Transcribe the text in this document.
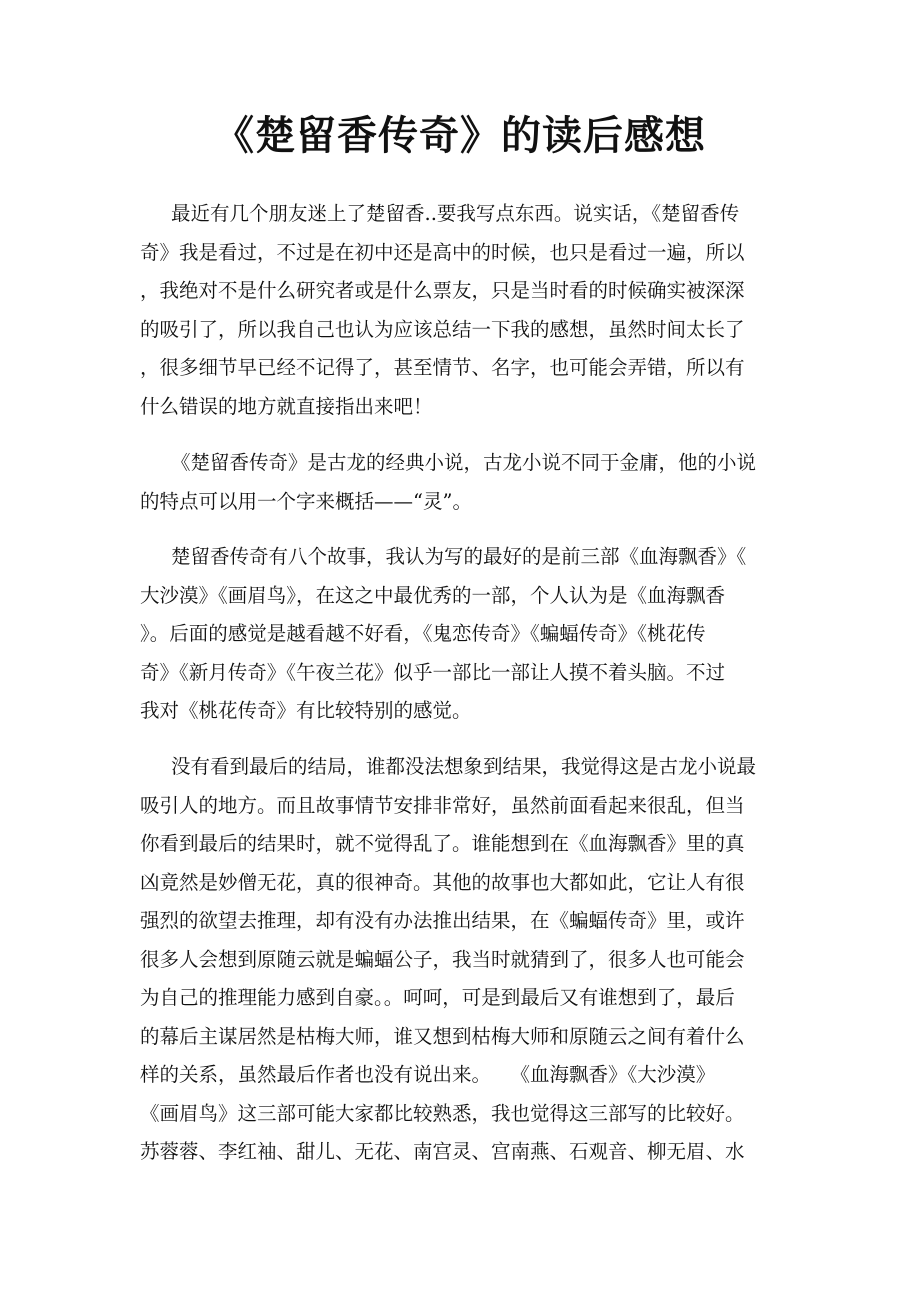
《楚留香传奇》的读后感想
最近有几个朋友迷上了楚留香..要我写点东西。说实话，《楚留香传
奇》我是看过，不过是在初中还是高中的时候，也只是看过一遍，所以
，我绝对不是什么研究者或是什么票友，只是当时看的时候确实被深深
的吸引了，所以我自己也认为应该总结一下我的感想，虽然时间太长了
，很多细节早已经不记得了，甚至情节、名字，也可能会弄错，所以有
什么错误的地方就直接指出来吧！
《楚留香传奇》是古龙的经典小说，古龙小说不同于金庸，他的小说
的特点可以用一个字来概括——“灵”。
楚留香传奇有八个故事，我认为写的最好的是前三部《血海飘香》《
大沙漠》《画眉鸟》，在这之中最优秀的一部，个人认为是《血海飘香
》。后面的感觉是越看越不好看，《鬼恋传奇》《蝙蝠传奇》《桃花传
奇》《新月传奇》《午夜兰花》似乎一部比一部让人摸不着头脑。不过
我对《桃花传奇》有比较特别的感觉。
没有看到最后的结局，谁都没法想象到结果，我觉得这是古龙小说最
吸引人的地方。而且故事情节安排非常好，虽然前面看起来很乱，但当
你看到最后的结果时，就不觉得乱了。谁能想到在《血海飘香》里的真
凶竟然是妙僧无花，真的很神奇。其他的故事也大都如此，它让人有很
强烈的欲望去推理，却有没有办法推出结果，在《蝙蝠传奇》里，或许
很多人会想到原随云就是蝙蝠公子，我当时就猜到了，很多人也可能会
为自己的推理能力感到自豪。。呵呵，可是到最后又有谁想到了，最后
的幕后主谋居然是枯梅大师，谁又想到枯梅大师和原随云之间有着什么
样的关系，虽然最后作者也没有说出来。　　《血海飘香》《大沙漠》
《画眉鸟》这三部可能大家都比较熟悉，我也觉得这三部写的比较好。
苏蓉蓉、李红袖、甜儿、无花、南宫灵、宫南燕、石观音、柳无眉、水
